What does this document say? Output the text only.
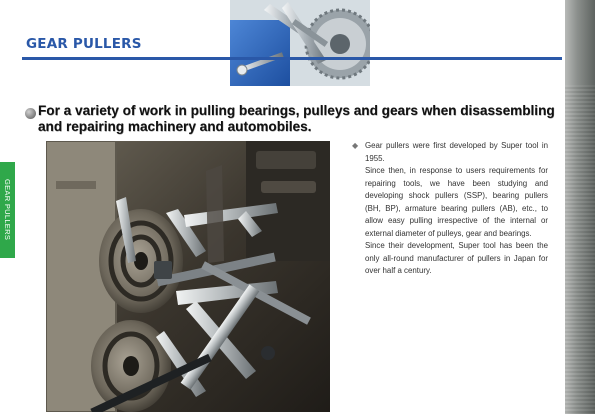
GEAR PULLERS
GEAR PULLERS
For a variety of work in pulling bearings, pulleys and gears when disassembling and repairing machinery and automobiles.
◆ Gear pullers were first developed by Super tool in 1955.

Since then, in response to users requirements for repairing tools, we have been studying and developing shock pullers (SSP), bearing pullers (BH, BP), armature bearing pullers (AB), etc., to allow easy pulling irrespective of the internal or external diameter of pulleys, gear and bearings.

Since their development, Super tool has been the only all-round manufacturer of pullers in Japan for over half a century.
